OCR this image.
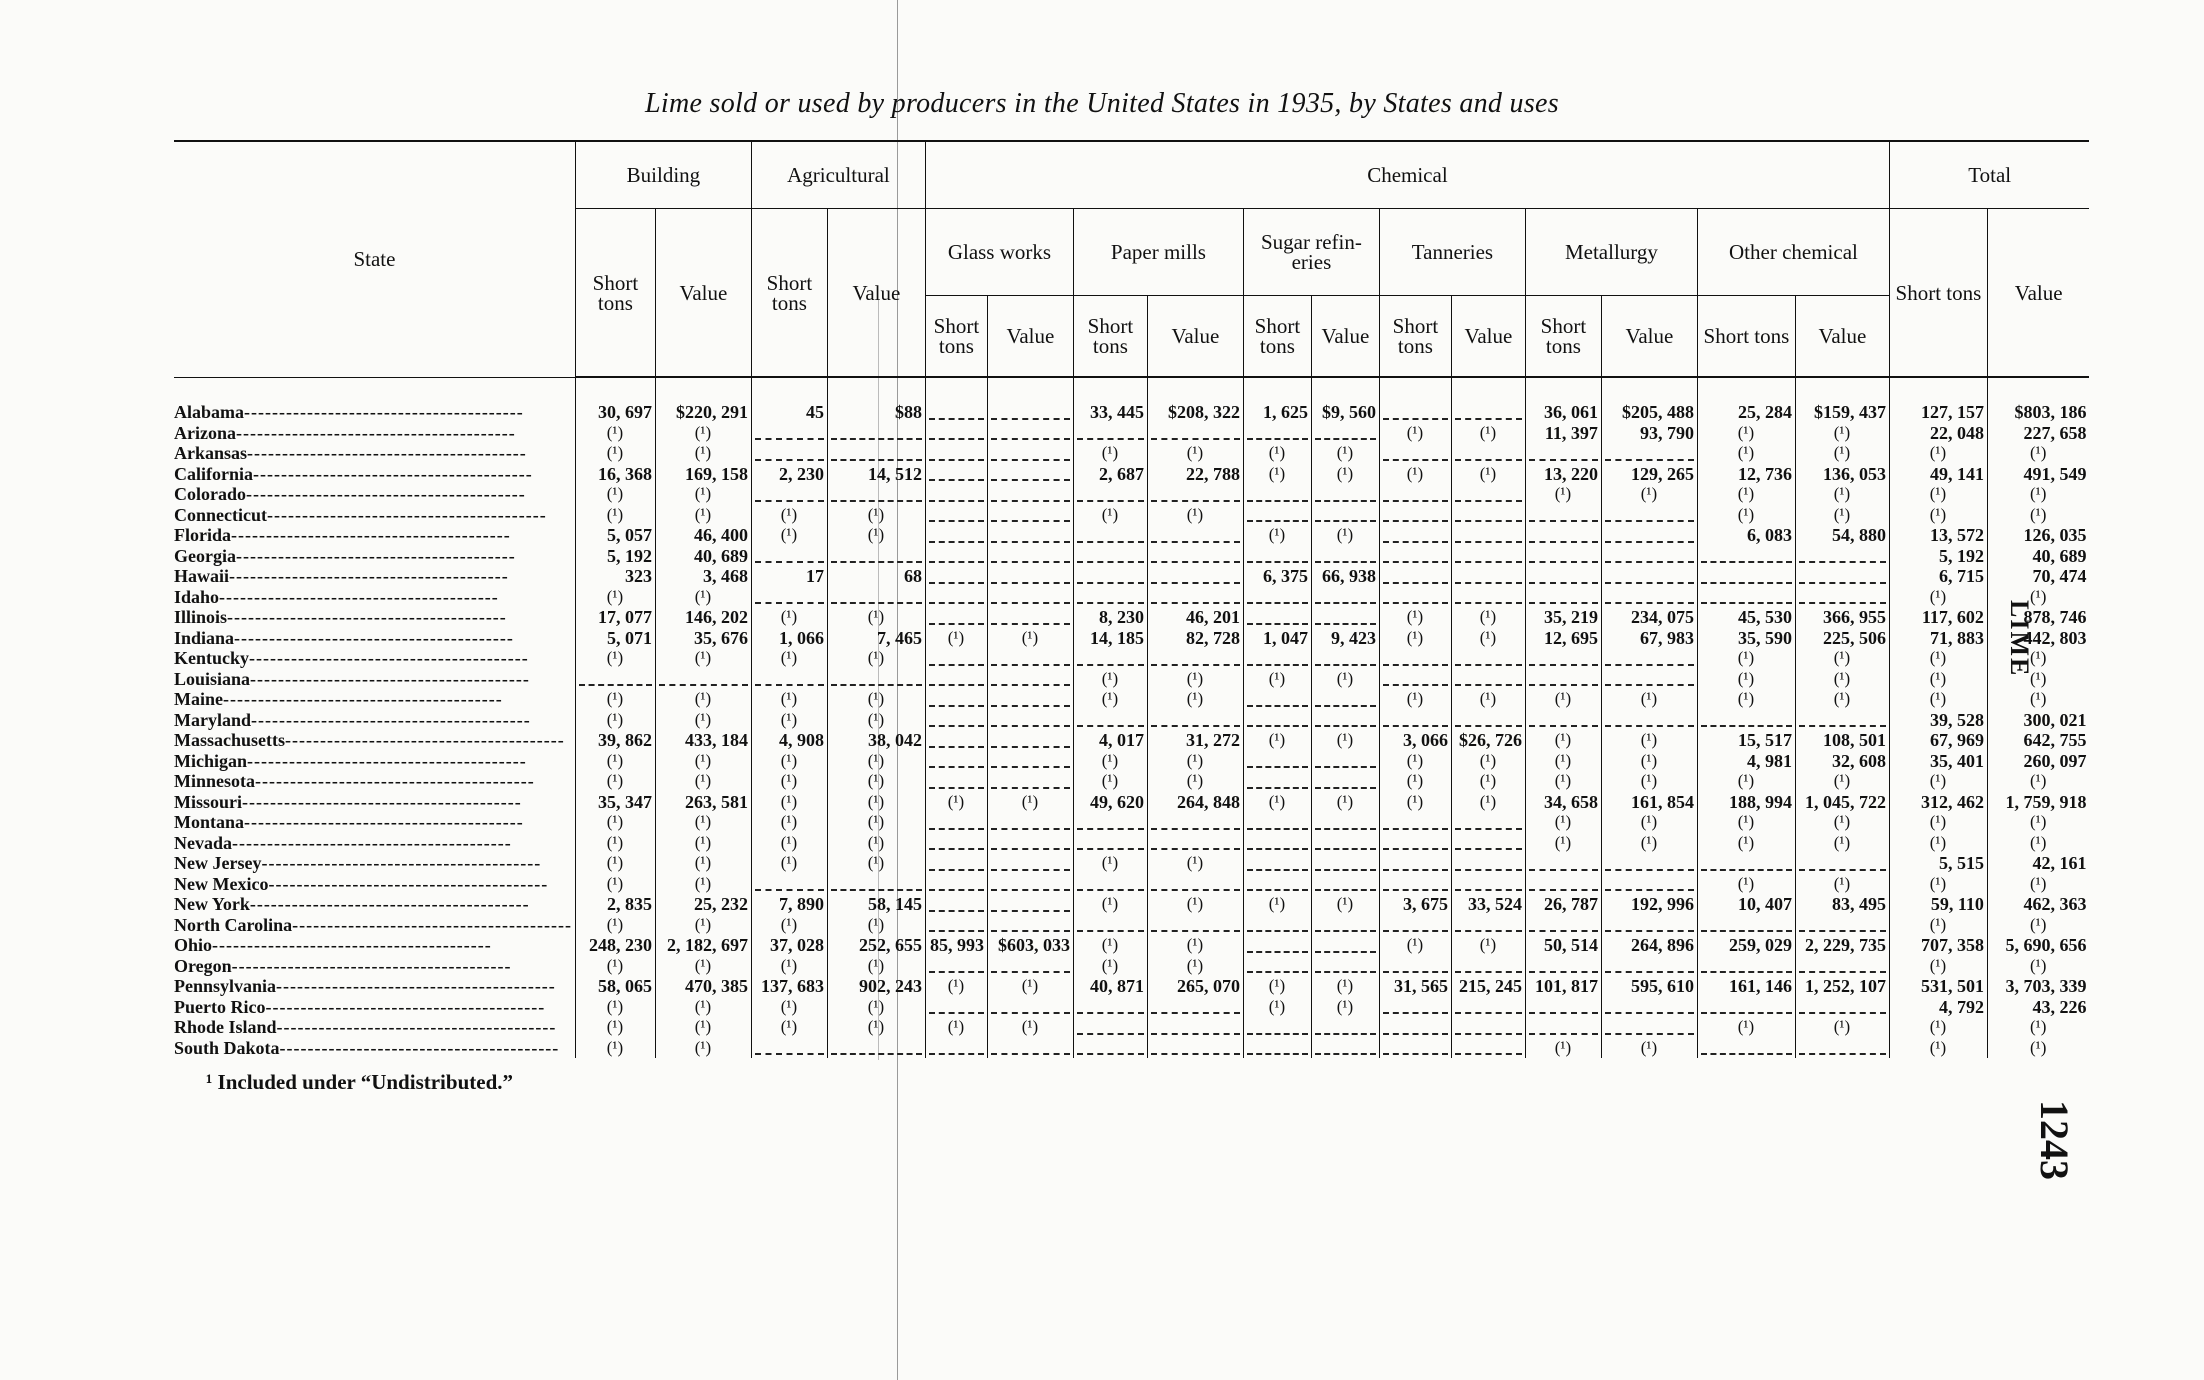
Lime sold or used by producers in the United States in 1935, by States and uses
State	Building		Agricultural		Chemical												Total	
	Short tons	Value	Short tons	Value	Glass works		Paper mills		Sugar refin-eries		Tanneries		Metallurgy		Other chemical		Short tons	Value
					Short tons	Value	Short tons	Value	Short tons	Value	Short tons	Value	Short tons	Value	Short tons	Value		

Alabama----------------------------------------	30, 697	$220, 291	45	$88			33, 445	$208, 322	1, 625	$9, 560			36, 061	$205, 488	25, 284	$159, 437	127, 157	$803, 186
Arizona----------------------------------------	(¹)	(¹)									(¹)	(¹)	11, 397	93, 790	(¹)	(¹)	22, 048	227, 658
Arkansas----------------------------------------	(¹)	(¹)					(¹)	(¹)	(¹)	(¹)					(¹)	(¹)	(¹)	(¹)
California----------------------------------------	16, 368	169, 158	2, 230	14, 512			2, 687	22, 788	(¹)	(¹)	(¹)	(¹)	13, 220	129, 265	12, 736	136, 053	49, 141	491, 549
Colorado----------------------------------------	(¹)	(¹)											(¹)	(¹)	(¹)	(¹)	(¹)	(¹)
Connecticut----------------------------------------	(¹)	(¹)	(¹)	(¹)			(¹)	(¹)							(¹)	(¹)	(¹)	(¹)
Florida----------------------------------------	5, 057	46, 400	(¹)	(¹)					(¹)	(¹)					6, 083	54, 880	13, 572	126, 035
Georgia----------------------------------------	5, 192	40, 689															5, 192	40, 689
Hawaii----------------------------------------	323	3, 468	17	68					6, 375	66, 938							6, 715	70, 474
Idaho----------------------------------------	(¹)	(¹)															(¹)	(¹)
Illinois----------------------------------------	17, 077	146, 202	(¹)	(¹)			8, 230	46, 201			(¹)	(¹)	35, 219	234, 075	45, 530	366, 955	117, 602	878, 746
Indiana----------------------------------------	5, 071	35, 676	1, 066	7, 465	(¹)	(¹)	14, 185	82, 728	1, 047	9, 423	(¹)	(¹)	12, 695	67, 983	35, 590	225, 506	71, 883	442, 803
Kentucky----------------------------------------	(¹)	(¹)	(¹)	(¹)											(¹)	(¹)	(¹)	(¹)
Louisiana----------------------------------------							(¹)	(¹)	(¹)	(¹)					(¹)	(¹)	(¹)	(¹)
Maine----------------------------------------	(¹)	(¹)	(¹)	(¹)			(¹)	(¹)			(¹)	(¹)	(¹)	(¹)	(¹)	(¹)	(¹)	(¹)
Maryland----------------------------------------	(¹)	(¹)	(¹)	(¹)													39, 528	300, 021
Massachusetts----------------------------------------	39, 862	433, 184	4, 908	38, 042			4, 017	31, 272	(¹)	(¹)	3, 066	$26, 726	(¹)	(¹)	15, 517	108, 501	67, 969	642, 755
Michigan----------------------------------------	(¹)	(¹)	(¹)	(¹)			(¹)	(¹)			(¹)	(¹)	(¹)	(¹)	4, 981	32, 608	35, 401	260, 097
Minnesota----------------------------------------	(¹)	(¹)	(¹)	(¹)			(¹)	(¹)			(¹)	(¹)	(¹)	(¹)	(¹)	(¹)	(¹)	(¹)
Missouri----------------------------------------	35, 347	263, 581	(¹)	(¹)	(¹)	(¹)	49, 620	264, 848	(¹)	(¹)	(¹)	(¹)	34, 658	161, 854	188, 994	1, 045, 722	312, 462	1, 759, 918
Montana----------------------------------------	(¹)	(¹)	(¹)	(¹)									(¹)	(¹)	(¹)	(¹)	(¹)	(¹)
Nevada----------------------------------------	(¹)	(¹)	(¹)	(¹)									(¹)	(¹)	(¹)	(¹)	(¹)	(¹)
New Jersey----------------------------------------	(¹)	(¹)	(¹)	(¹)			(¹)	(¹)									5, 515	42, 161
New Mexico----------------------------------------	(¹)	(¹)													(¹)	(¹)	(¹)	(¹)
New York----------------------------------------	2, 835	25, 232	7, 890	58, 145			(¹)	(¹)	(¹)	(¹)	3, 675	33, 524	26, 787	192, 996	10, 407	83, 495	59, 110	462, 363
North Carolina----------------------------------------	(¹)	(¹)	(¹)	(¹)													(¹)	(¹)
Ohio----------------------------------------	248, 230	2, 182, 697	37, 028	252, 655	85, 993	$603, 033	(¹)	(¹)			(¹)	(¹)	50, 514	264, 896	259, 029	2, 229, 735	707, 358	5, 690, 656
Oregon----------------------------------------	(¹)	(¹)	(¹)	(¹)			(¹)	(¹)									(¹)	(¹)
Pennsylvania----------------------------------------	58, 065	470, 385	137, 683	902, 243	(¹)	(¹)	40, 871	265, 070	(¹)	(¹)	31, 565	215, 245	101, 817	595, 610	161, 146	1, 252, 107	531, 501	3, 703, 339
Puerto Rico----------------------------------------	(¹)	(¹)	(¹)	(¹)					(¹)	(¹)							4, 792	43, 226
Rhode Island----------------------------------------	(¹)	(¹)	(¹)	(¹)	(¹)	(¹)									(¹)	(¹)	(¹)	(¹)
South Dakota----------------------------------------	(¹)	(¹)											(¹)	(¹)			(¹)	(¹)
¹ Included under “Undistributed.”
LIME
1243
